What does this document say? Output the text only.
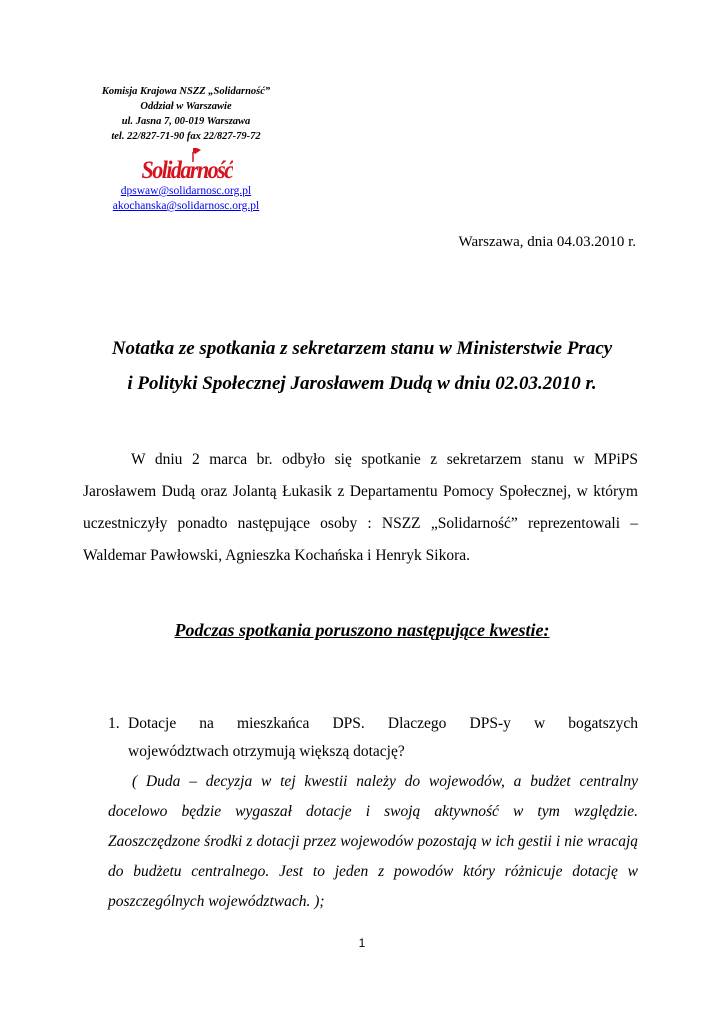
Komisja Krajowa NSZZ „Solidarność”
Oddział w Warszawie
ul. Jasna 7, 00-019 Warszawa
tel. 22/827-71-90 fax 22/827-79-72
Solidarność
dpswaw@solidarnosc.org.pl
akochanska@solidarnosc.org.pl
Warszawa, dnia 04.03.2010 r.
Notatka ze spotkania z sekretarzem stanu w Ministerstwie Pracy
i Polityki Społecznej Jarosławem Dudą w dniu 02.03.2010 r.

W dniu 2 marca br. odbyło się spotkanie z sekretarzem stanu w MPiPS Jarosławem Dudą oraz Jolantą Łukasik z Departamentu Pomocy Społecznej, w którym uczestniczyły ponadto następujące osoby : NSZZ „Solidarność” reprezentowali – Waldemar Pawłowski, Agnieszka Kochańska i Henryk Sikora.

Podczas spotkania poruszono następujące kwestie:
1. Dotacje na mieszkańca DPS. Dlaczego DPS-y w bogatszych
województwach otrzymują większą dotację?
( Duda – decyzja w tej kwestii należy do wojewodów, a budżet centralny docelowo będzie wygaszał dotacje i swoją aktywność w tym względzie. Zaoszczędzone środki z dotacji przez wojewodów pozostają w ich gestii i nie wracają do budżetu centralnego. Jest to jeden z powodów który różnicuje dotację w poszczególnych województwach. );
1
